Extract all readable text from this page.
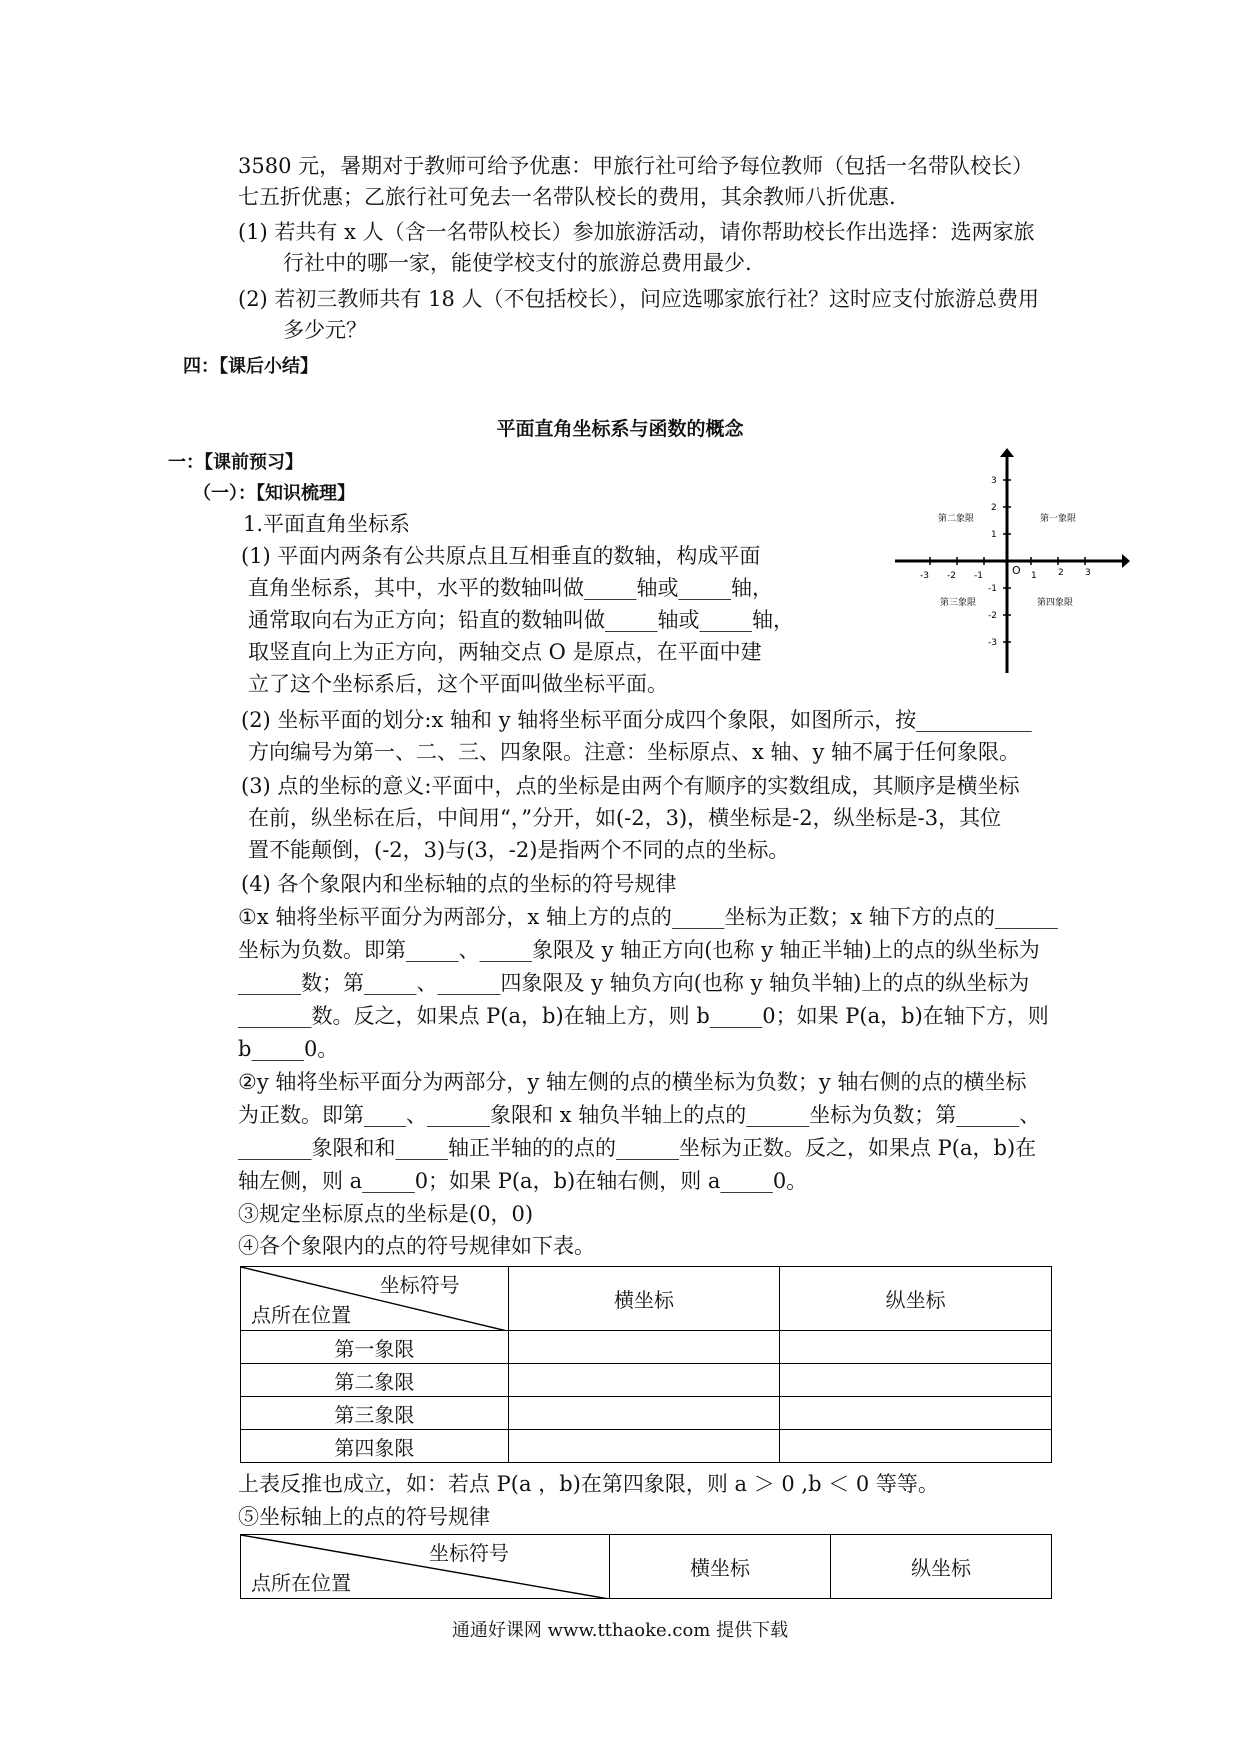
3580 元，暑期对于教师可给予优惠：甲旅行社可给予每位教师（包括一名带队校长）
七五折优惠；乙旅行社可免去一名带队校长的费用，其余教师八折优惠.
(1) 若共有 x 人（含一名带队校长）参加旅游活动，请你帮助校长作出选择：选两家旅
行社中的哪一家，能使学校支付的旅游总费用最少.
(2) 若初三教师共有 18 人（不包括校长），问应选哪家旅行社？这时应支付旅游总费用
多少元？
四：【课后小结】
平面直角坐标系与函数的概念
一：【课前预习】
（一）：【知识梳理】
1.平面直角坐标系
(1) 平面内两条有公共原点且互相垂直的数轴，构成平面
直角坐标系，其中，水平的数轴叫做_____轴或_____轴，
通常取向右为正方向；铅直的数轴叫做_____轴或_____轴，
取竖直向上为正方向，两轴交点 O 是原点，在平面中建
立了这个坐标系后，这个平面叫做坐标平面。
-3 -2 -1	1 2 3
3
2
1
-1
-2
-3
O
第一象限
第二象限
第三象限	第四象限
(2) 坐标平面的划分:x 轴和 y 轴将坐标平面分成四个象限，如图所示，按___________
方向编号为第一、二、三、四象限。注意：坐标原点、x 轴、y 轴不属于任何象限。
(3) 点的坐标的意义:平面中，点的坐标是由两个有顺序的实数组成，其顺序是横坐标
在前，纵坐标在后，中间用“，”分开，如(-2，3)，横坐标是-2，纵坐标是-3，其位
置不能颠倒，(-2，3)与(3，-2)是指两个不同的点的坐标。
(4) 各个象限内和坐标轴的点的坐标的符号规律
①x 轴将坐标平面分为两部分，x 轴上方的点的_____坐标为正数；x 轴下方的点的______
坐标为负数。即第_____、_____象限及 y 轴正方向(也称 y 轴正半轴)上的点的纵坐标为
______数；第_____、______四象限及 y 轴负方向(也称 y 轴负半轴)上的点的纵坐标为
_______数。反之，如果点 P(a，b)在轴上方，则 b_____0；如果 P(a，b)在轴下方，则
b_____0。
②y 轴将坐标平面分为两部分，y 轴左侧的点的横坐标为负数；y 轴右侧的点的横坐标
为正数。即第____、______象限和 x 轴负半轴上的点的______坐标为负数；第______、
_______象限和和_____轴正半轴的的点的______坐标为正数。反之，如果点 P(a，b)在
轴左侧，则 a_____0；如果 P(a，b)在轴右侧，则 a_____0。
③规定坐标原点的坐标是(0，0)
④各个象限内的点的符号规律如下表。
坐标符号
点所在位置	横坐标	纵坐标
第一象限		
第二象限		
第三象限		
第四象限		
上表反推也成立，如：若点 P(a ，b)在第四象限，则 a ＞ 0 ,b ＜ 0 等等。
⑤坐标轴上的点的符号规律
坐标符号
点所在位置
	横坐标	纵坐标
通通好课网 www.tthaoke.com 提供下载
